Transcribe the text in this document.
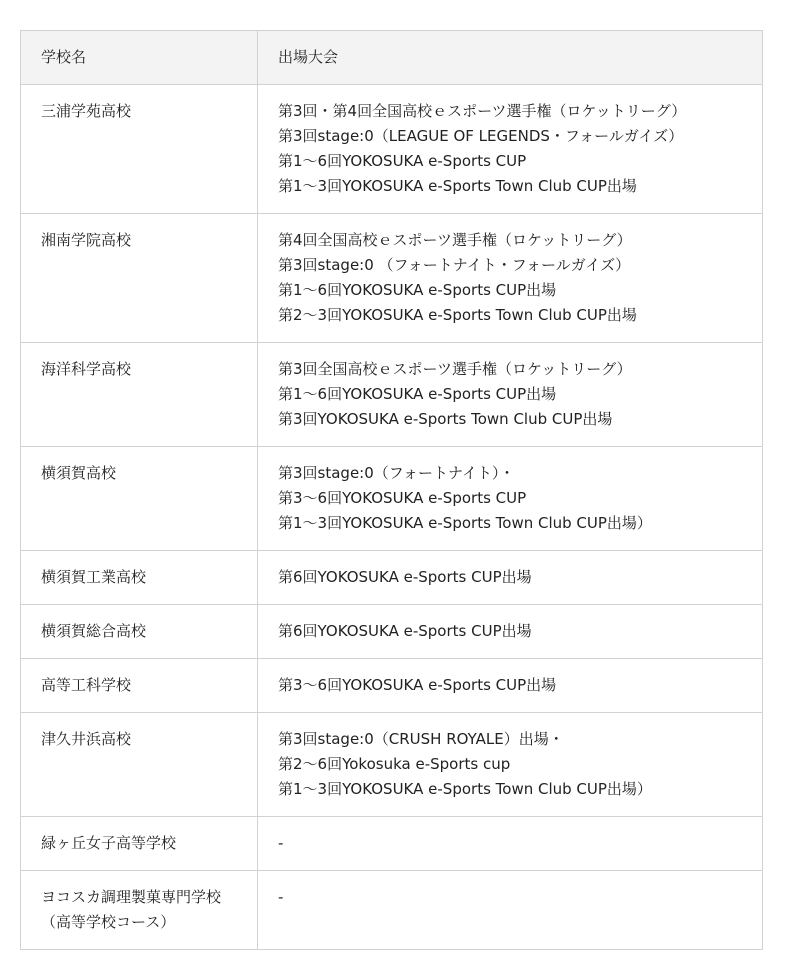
学校名	出場大会

三浦学苑高校	第3回・第4回全国高校ｅスポーツ選手権（ロケットリーグ）
第3回stage:0（LEAGUE OF LEGENDS・フォールガイズ）
第1〜6回YOKOSUKA e-Sports CUP
第1〜3回YOKOSUKA e-Sports Town Club CUP出場

湘南学院高校	第4回全国高校ｅスポーツ選手権（ロケットリーグ）
第3回stage:0 （フォートナイト・フォールガイズ）
第1〜6回YOKOSUKA e-Sports CUP出場
第2〜3回YOKOSUKA e-Sports Town Club CUP出場

海洋科学高校	第3回全国高校ｅスポーツ選手権（ロケットリーグ）
第1〜6回YOKOSUKA e-Sports CUP出場
第3回YOKOSUKA e-Sports Town Club CUP出場

横須賀高校	第3回stage:0（フォートナイト）・
第3〜6回YOKOSUKA e-Sports CUP
第1〜3回YOKOSUKA e-Sports Town Club CUP出場）

横須賀工業高校	第6回YOKOSUKA e-Sports CUP出場

横須賀総合高校	第6回YOKOSUKA e-Sports CUP出場

高等工科学校	第3〜6回YOKOSUKA e-Sports CUP出場

津久井浜高校	第3回stage:0（CRUSH ROYALE）出場・
第2〜6回Yokosuka e-Sports cup
第1〜3回YOKOSUKA e-Sports Town Club CUP出場）

緑ヶ丘女子高等学校	-

ヨコスカ調理製菓専門学校
（高等学校コース）	-
